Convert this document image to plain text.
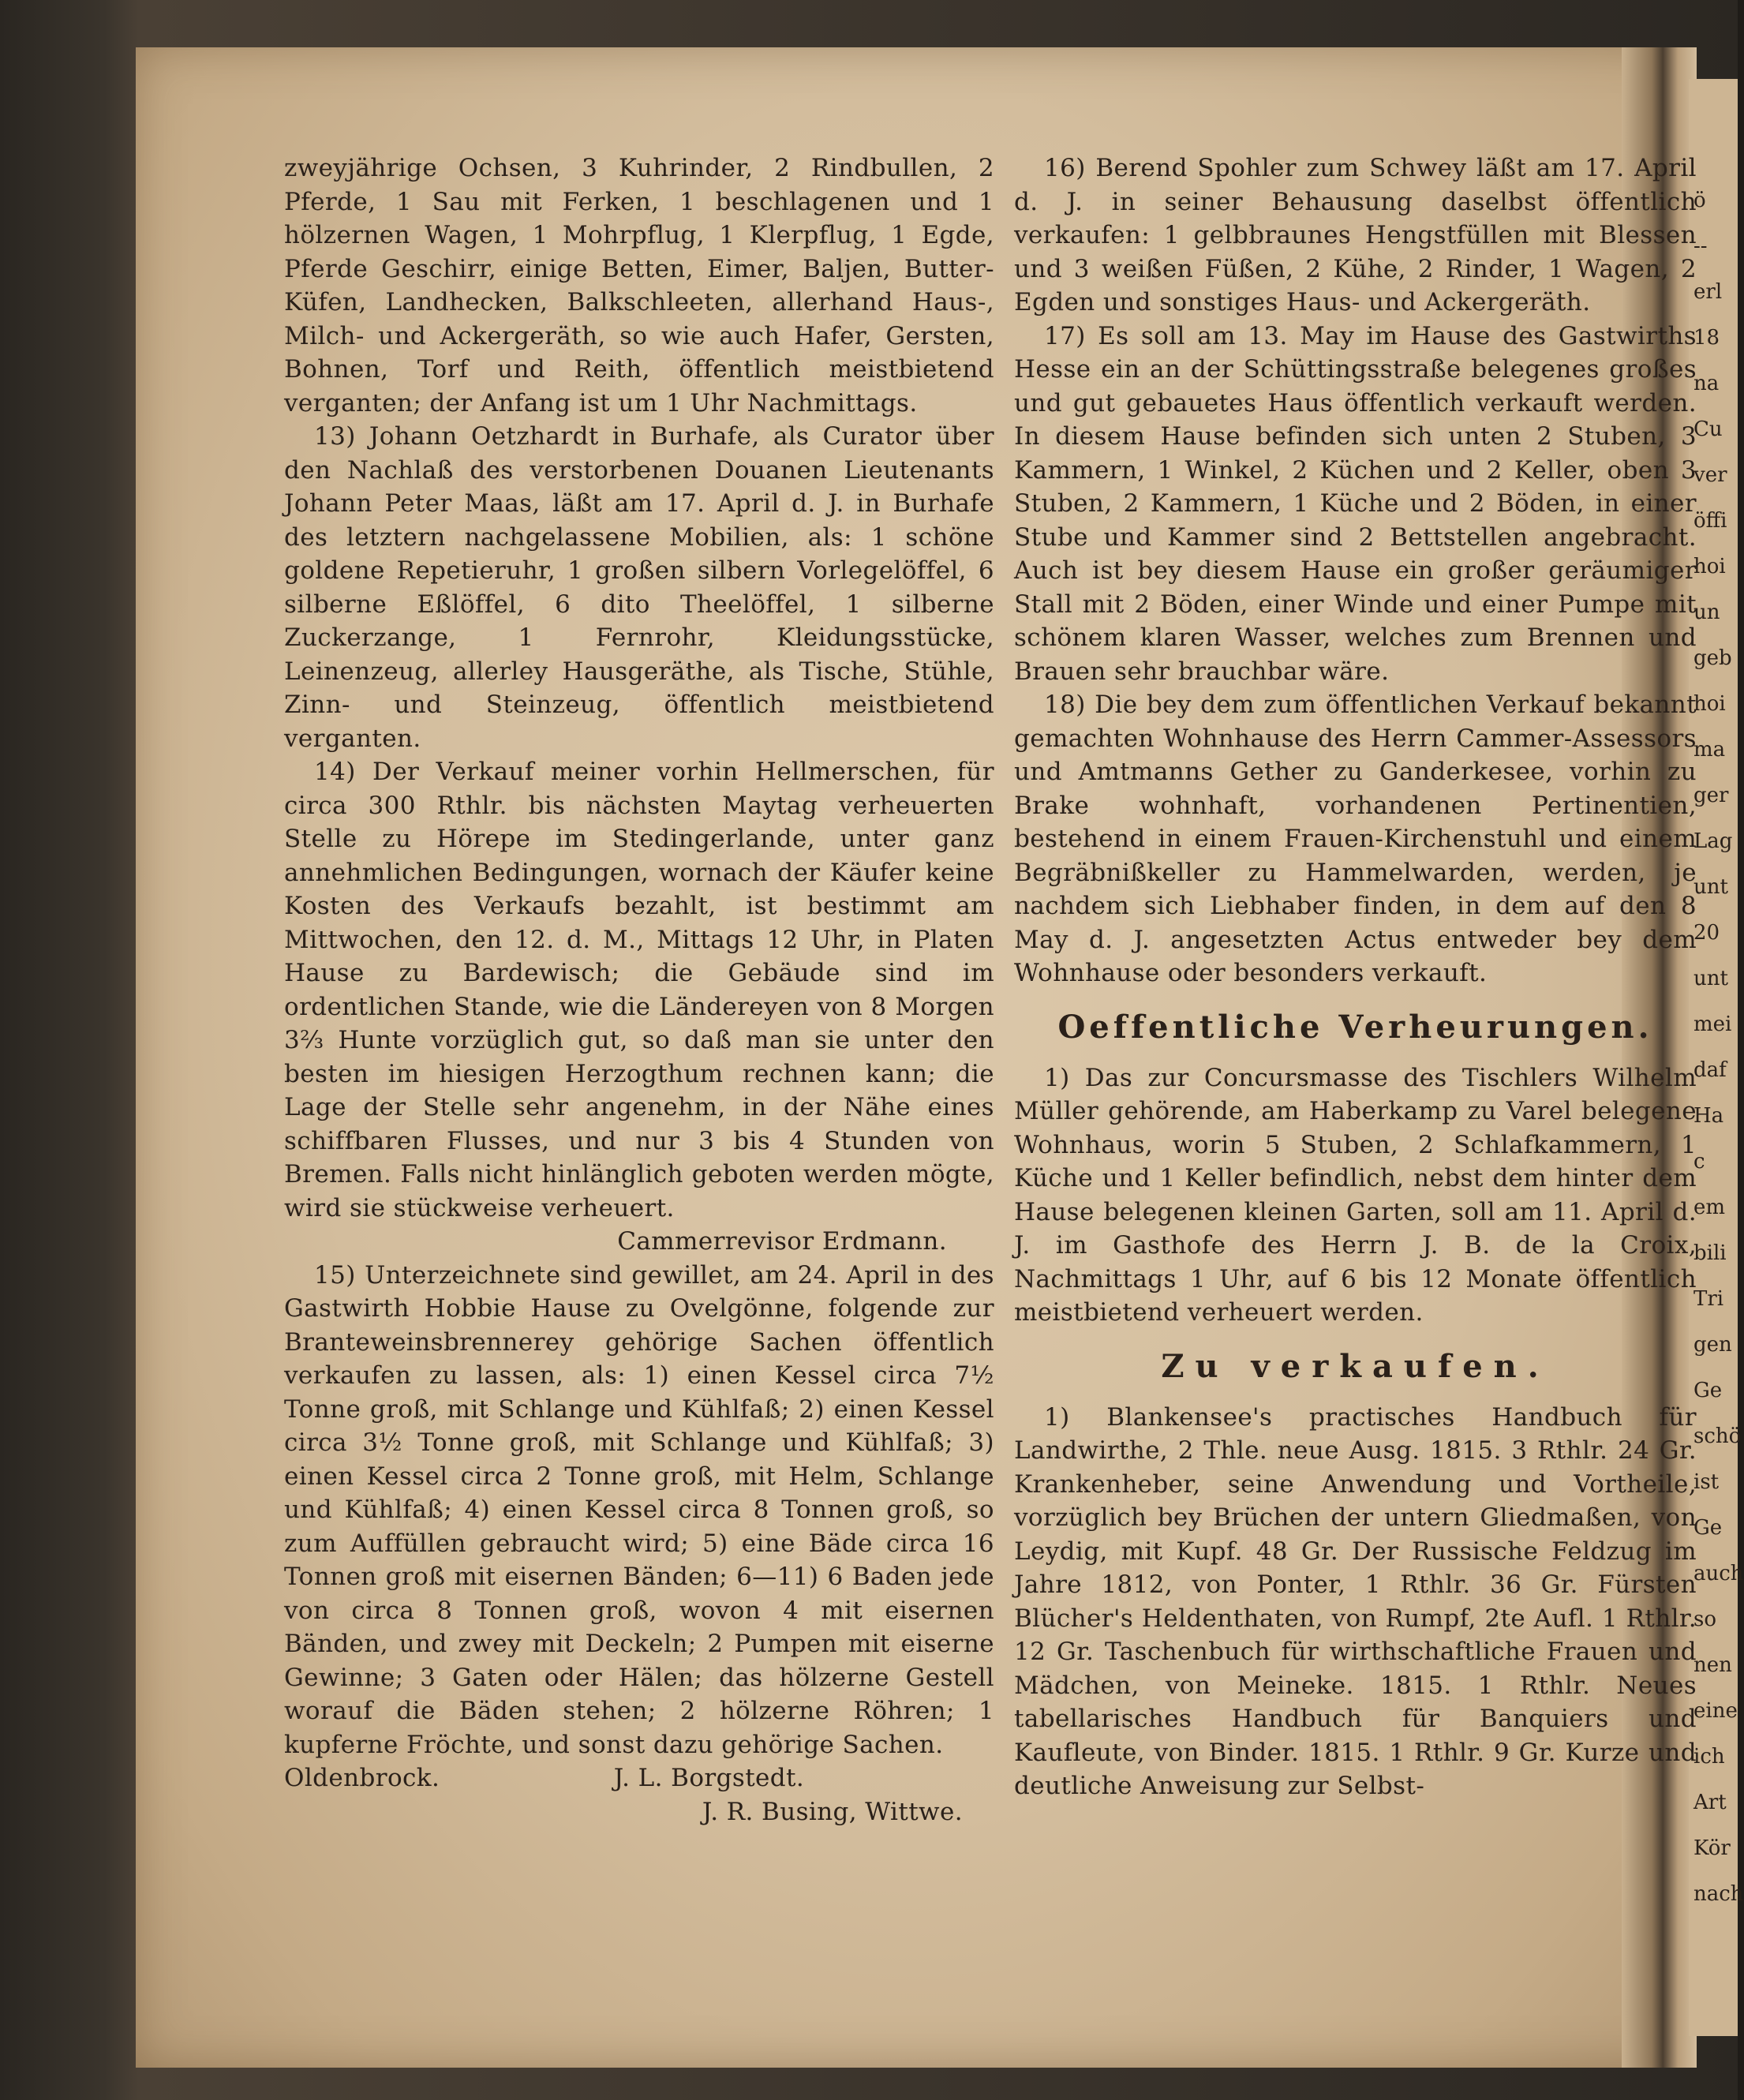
ö
--
erl
18
na
Cu
ver
öffi
hoi
un
geb
hoi
ma
ger
Lag
unt
20
unt
mei
daf
Ha
c
em
bili
Tri
gen
Ge
schö
ist
Ge
auch
so
nen
eine
ich
Art
Kör
nach

zweyjährige Ochsen, 3 Kuhrinder, 2 Rindbullen, 2 Pferde, 1 Sau mit Ferken, 1 beschlagenen und 1 hölzernen Wagen, 1 Mohrpflug, 1 Klerpflug, 1 Egde, Pferde Geschirr, einige Betten, Eimer, Baljen, Butter-Küfen, Landhecken, Balkschleeten, allerhand Haus-, Milch- und Ackergeräth, so wie auch Hafer, Gersten, Bohnen, Torf und Reith, öffentlich meistbietend verganten; der Anfang ist um 1 Uhr Nachmittags.

13) Johann Oetzhardt in Burhafe, als Curator über den Nachlaß des verstorbenen Douanen Lieutenants Johann Peter Maas, läßt am 17. April d. J. in Burhafe des letztern nachgelassene Mobilien, als: 1 schöne goldene Repetieruhr, 1 großen silbern Vorlegelöffel, 6 silberne Eßlöffel, 6 dito Theelöffel, 1 silberne Zuckerzange, 1 Fernrohr, Kleidungsstücke, Leinenzeug, allerley Hausgeräthe, als Tische, Stühle, Zinn- und Steinzeug, öffentlich meistbietend verganten.

14) Der Verkauf meiner vorhin Hellmerschen, für circa 300 Rthlr. bis nächsten Maytag verheuerten Stelle zu Hörepe im Stedingerlande, unter ganz annehmlichen Bedingungen, wornach der Käufer keine Kosten des Verkaufs bezahlt, ist bestimmt am Mittwochen, den 12. d. M., Mittags 12 Uhr, in Platen Hause zu Bardewisch; die Gebäude sind im ordentlichen Stande, wie die Ländereyen von 8 Morgen 3⅔ Hunte vorzüglich gut, so daß man sie unter den besten im hiesigen Herzogthum rechnen kann; die Lage der Stelle sehr angenehm, in der Nähe eines schiffbaren Flusses, und nur 3 bis 4 Stunden von Bremen. Falls nicht hinlänglich geboten werden mögte, wird sie stückweise verheuert.

Cammerrevisor Erdmann.

15) Unterzeichnete sind gewillet, am 24. April in des Gastwirth Hobbie Hause zu Ovelgönne, folgende zur Branteweinsbrennerey gehörige Sachen öffentlich verkaufen zu lassen, als: 1) einen Kessel circa 7½ Tonne groß, mit Schlange und Kühlfaß; 2) einen Kessel circa 3½ Tonne groß, mit Schlange und Kühlfaß; 3) einen Kessel circa 2 Tonne groß, mit Helm, Schlange und Kühlfaß; 4) einen Kessel circa 8 Tonnen groß, so zum Auffüllen gebraucht wird; 5) eine Bäde circa 16 Tonnen groß mit eisernen Bänden; 6—11) 6 Baden jede von circa 8 Tonnen groß, wovon 4 mit eisernen Bänden, und zwey mit Deckeln; 2 Pumpen mit eiserne Gewinne; 3 Gaten oder Hälen; das hölzerne Gestell worauf die Bäden stehen; 2 hölzerne Röhren; 1 kupferne Fröchte, und sonst dazu gehörige Sachen.

Oldenbrock.	J. L. Borgstedt.

J. R. Busing, Wittwe.

16) Berend Spohler zum Schwey läßt am 17. April d. J. in seiner Behausung daselbst öffentlich verkaufen: 1 gelbbraunes Hengstfüllen mit Blessen und 3 weißen Füßen, 2 Kühe, 2 Rinder, 1 Wagen, 2 Egden und sonstiges Haus- und Ackergeräth.

17) Es soll am 13. May im Hause des Gastwirths Hesse ein an der Schüttingsstraße belegenes großes und gut gebauetes Haus öffentlich verkauft werden. In diesem Hause befinden sich unten 2 Stuben, 3 Kammern, 1 Winkel, 2 Küchen und 2 Keller, oben 3 Stuben, 2 Kammern, 1 Küche und 2 Böden, in einer Stube und Kammer sind 2 Bettstellen angebracht. Auch ist bey diesem Hause ein großer geräumiger Stall mit 2 Böden, einer Winde und einer Pumpe mit schönem klaren Wasser, welches zum Brennen und Brauen sehr brauchbar wäre.

18) Die bey dem zum öffentlichen Verkauf bekannt gemachten Wohnhause des Herrn Cammer-Assessors und Amtmanns Gether zu Ganderkesee, vorhin zu Brake wohnhaft, vorhandenen Pertinentien, bestehend in einem Frauen-Kirchenstuhl und einem Begräbnißkeller zu Hammelwarden, werden, je nachdem sich Liebhaber finden, in dem auf den 8 May d. J. angesetzten Actus entweder bey dem Wohnhause oder besonders verkauft.

Oeffentliche Verheurungen.

1) Das zur Concursmasse des Tischlers Wilhelm Müller gehörende, am Haberkamp zu Varel belegene Wohnhaus, worin 5 Stuben, 2 Schlafkammern, 1 Küche und 1 Keller befindlich, nebst dem hinter dem Hause belegenen kleinen Garten, soll am 11. April d. J. im Gasthofe des Herrn J. B. de la Croix, Nachmittags 1 Uhr, auf 6 bis 12 Monate öffentlich meistbietend verheuert werden.

Zu verkaufen.

1) Blankensee's practisches Handbuch für Landwirthe, 2 Thle. neue Ausg. 1815. 3 Rthlr. 24 Gr. Krankenheber, seine Anwendung und Vortheile, vorzüglich bey Brüchen der untern Gliedmaßen, von Leydig, mit Kupf. 48 Gr. Der Russische Feldzug im Jahre 1812, von Ponter, 1 Rthlr. 36 Gr. Fürsten Blücher's Heldenthaten, von Rumpf, 2te Aufl. 1 Rthlr. 12 Gr. Taschenbuch für wirthschaftliche Frauen und Mädchen, von Meineke. 1815. 1 Rthlr. Neues tabellarisches Handbuch für Banquiers und Kaufleute, von Binder. 1815. 1 Rthlr. 9 Gr. Kurze und deutliche Anweisung zur Selbst-
